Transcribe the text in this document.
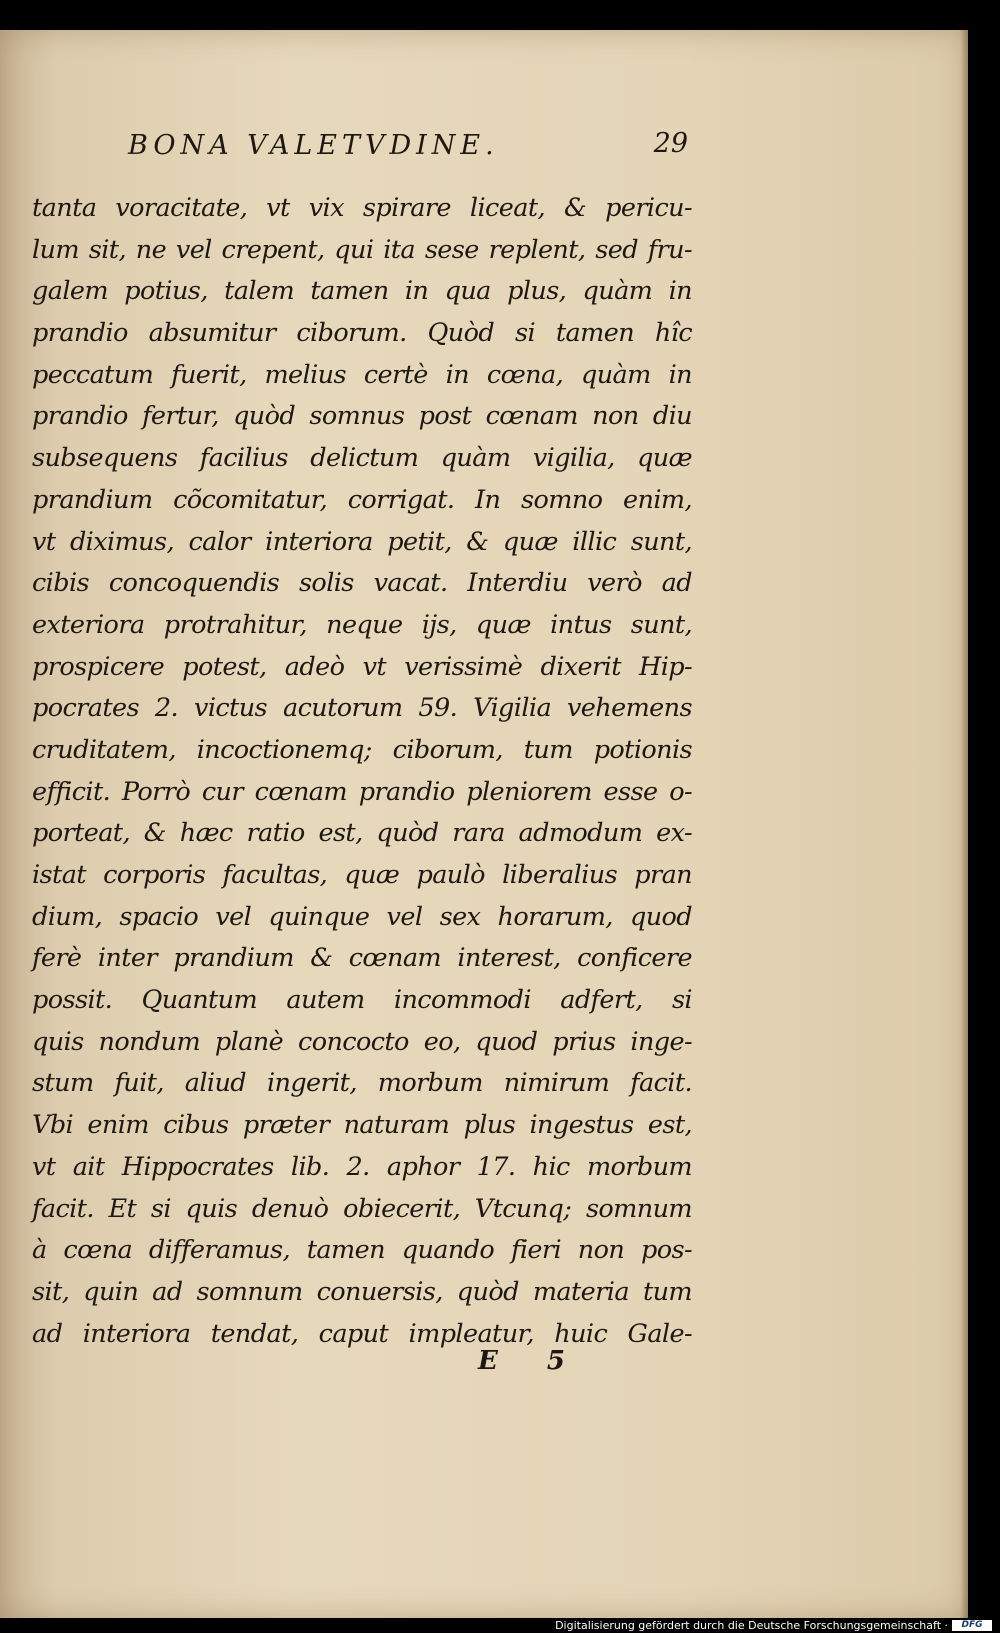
BONA VALETVDINE.	29
tanta voracitate, vt vix spirare liceat, & pericu-
lum sit, ne vel crepent, qui ita sese replent, sed fru-
galem potius, talem tamen in qua plus, quàm in
prandio absumitur ciborum. Quòd si tamen hîc
peccatum fuerit, melius certè in cœna, quàm in
prandio fertur, quòd somnus post cœnam non diu
subsequens facilius delictum quàm vigilia, quæ
prandium cõcomitatur, corrigat. In somno enim,
vt diximus, calor interiora petit, & quæ illic sunt,
cibis concoquendis solis vacat. Interdiu verò ad
exteriora protrahitur, neque ijs, quæ intus sunt,
prospicere potest, adeò vt verissimè dixerit Hip-
pocrates 2. victus acutorum 59. Vigilia vehemens
cruditatem, incoctionemq; ciborum, tum potionis
efficit. Porrò cur cœnam prandio pleniorem esse o-
porteat, & hæc ratio est, quòd rara admodum ex-
istat corporis facultas, quæ paulò liberalius pran
dium, spacio vel quinque vel sex horarum, quod
ferè inter prandium & cœnam interest, conficere
possit. Quantum autem incommodi adfert, si
quis nondum planè concocto eo, quod prius inge-
stum fuit, aliud ingerit, morbum nimirum facit.
Vbi enim cibus præter naturam plus ingestus est,
vt ait Hippocrates lib. 2. aphor 17. hic morbum
facit. Et si quis denuò obiecerit, Vtcunq; somnum
à cœna differamus, tamen quando fieri non pos-
sit, quin ad somnum conuersis, quòd materia tum
ad interiora tendat, caput impleatur, huic Gale-
E 5
Digitalisierung gefördert durch die Deutsche Forschungsgemeinschaft ·	DFG
